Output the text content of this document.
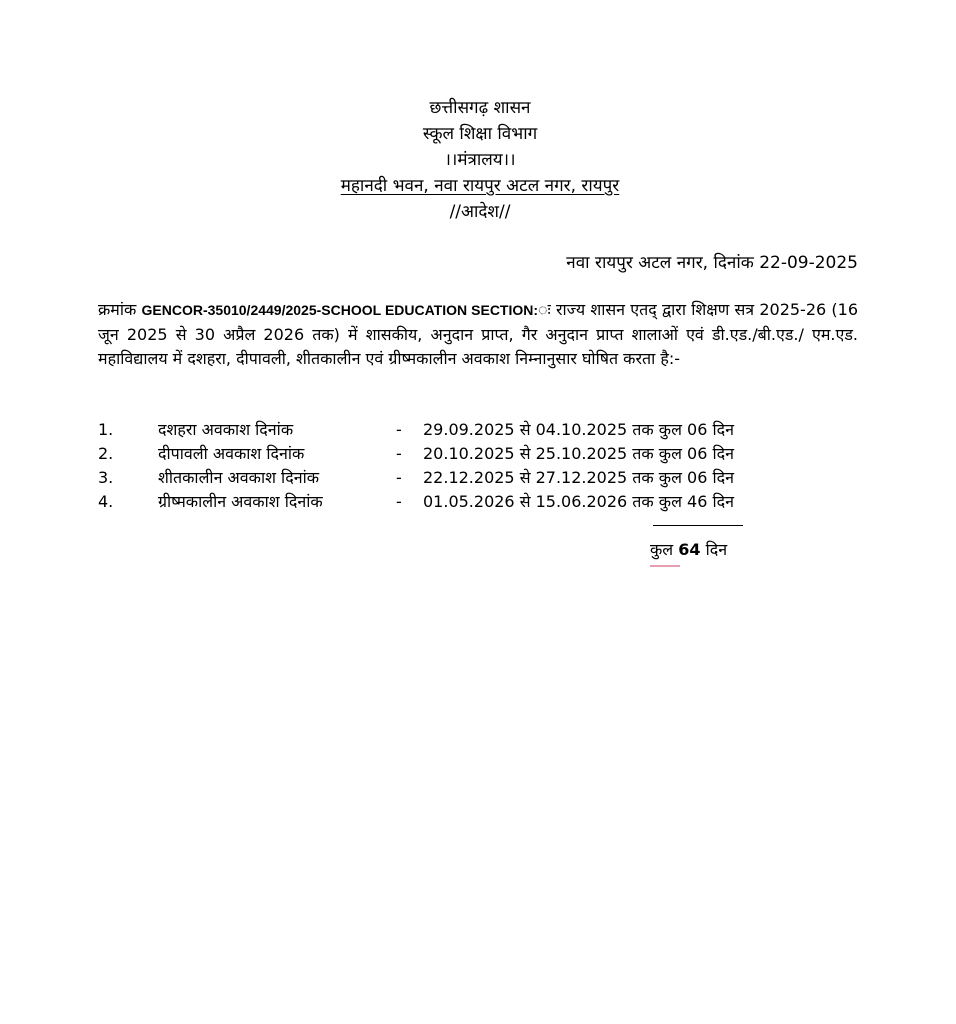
छत्तीसगढ़ शासन
स्कूल शिक्षा विभाग
।।मंत्रालय।।
महानदी भवन, नवा रायपुर अटल नगर, रायपुर
//आदेश//
नवा रायपुर अटल नगर, दिनांक 22-09-2025
क्रमांक GENCOR-35010/2449/2025-SCHOOL EDUCATION SECTION:ः राज्य शासन एतद् द्वारा शिक्षण सत्र 2025-26 (16 जून 2025 से 30 अप्रैल 2026 तक) में शासकीय, अनुदान प्राप्त, गैर अनुदान प्राप्त शालाओं एवं डी.एड./बी.एड./ एम.एड. महाविद्यालय में दशहरा, दीपावली, शीतकालीन एवं ग्रीष्मकालीन अवकाश निम्नानुसार घोषित करता है:-
1.	दशहरा अवकाश दिनांक	- 29.09.2025 से 04.10.2025 तक कुल 06 दिन
2.	दीपावली अवकाश दिनांक	- 20.10.2025 से 25.10.2025 तक कुल 06 दिन
3.	शीतकालीन अवकाश दिनांक	- 22.12.2025 से 27.12.2025 तक कुल 06 दिन
4.	ग्रीष्मकालीन अवकाश दिनांक	- 01.05.2026 से 15.06.2026 तक कुल 46 दिन
कुल 64 दिन
